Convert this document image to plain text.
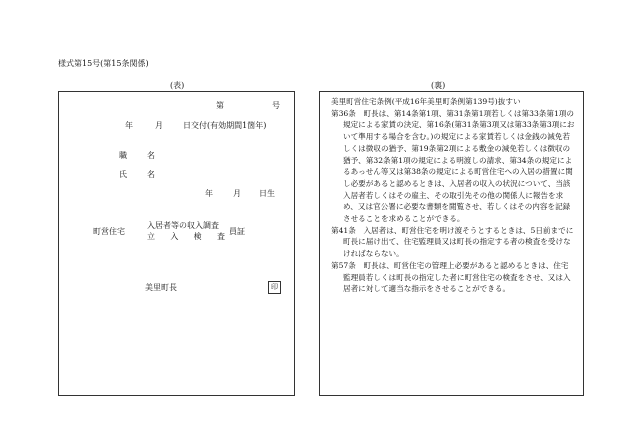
様式第15号(第15条関係)
(表)	(裏)
第	号
年	月	日交付(有効期間1箇年)
職　名
氏　名
年	月 日生
町営住宅
入居者等の収入調査
立入検査
員証
美里町長	印
美里町営住宅条例(平成16年美里町条例第139号)抜すい
第36条　町長は、第14条第1項、第31条第1項若しくは第33条第1項の規定による家賃の決定、第16条(第31条第3項又は第33条第3項において準用する場合を含む。)の規定による家賃若しくは金銭の減免若しくは徴収の猶予、第19条第2項による敷金の減免若しくは徴収の猶予、第32条第1項の規定による明渡しの請求、第34条の規定によるあっせん等又は第38条の規定による町営住宅への入居の措置に関し必要があると認めるときは、入居者の収入の状況について、当該入居者若しくはその雇主、その取引先その他の関係人に報告を求め、又は官公署に必要な書類を閲覧させ、若しくはその内容を記録させることを求めることができる。
第41条　入居者は、町営住宅を明け渡そうとするときは、5日前までに町長に届け出て、住宅監理員又は町長の指定する者の検査を受けなければならない。
第57条　町長は、町営住宅の管理上必要があると認めるときは、住宅監理員若しくは町長の指定した者に町営住宅の検査をさせ、又は入居者に対して適当な指示をさせることができる。
